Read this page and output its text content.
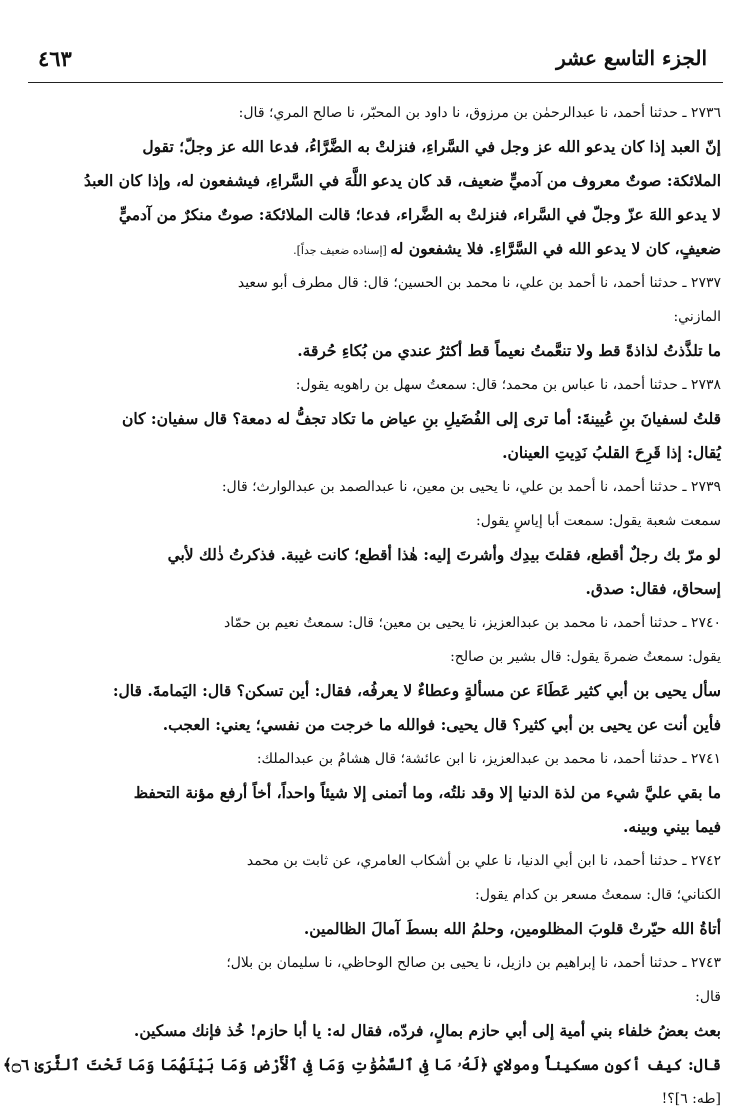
الجزء التاسع عشر
٤٦٣
٢٧٣٦ ـ حدثنا أحمد، نا عبدالرحمٰن بن مرزوق، نا داود بن المحبّر، نا صالح المري؛ قال:
إنّ العبد إذا كان يدعو الله عز وجل في السَّراءِ، فنزلتْ به الضَّرَّاءُ، فدعا الله عز وجلّ؛ تقول
الملائكة: صوتٌ معروف من آدميٍّ ضعيف، قد كان يدعو اللَّهَ في السَّراءِ، فيشفعون له، وإذا كان العبدُ
لا يدعو اللهَ عزّ وجلّ في السَّراء، فنزلتْ به الضَّراء، فدعا؛ قالت الملائكة: صوتٌ منكرٌ من آدميٍّ
ضعيفٍ، كان لا يدعو الله في السَّرَّاءِ. فلا يشفعون له [إسناده ضعيف جداً].
٢٧٣٧ ـ حدثنا أحمد، نا أحمد بن علي، نا محمد بن الحسين؛ قال: قال مطرف أبو سعيد
المازني:
ما تلذَّذتُ لذاذةً قط ولا تنعَّمتُ نعيماً قط أكثرُ عندي من بُكاءِ حُرقة.
٢٧٣٨ ـ حدثنا أحمد، نا عباس بن محمد؛ قال: سمعتُ سهل بن راهويه يقول:
قلتُ لسفيانَ بنِ عُيينةَ: أما ترى إلى الفُضَيلِ بنِ عياض ما تكاد تجفُّ له دمعة؟ قال سفيان: كان
يُقال: إذا قَرِحَ القلبُ نَدِيتِ العينان.
٢٧٣٩ ـ حدثنا أحمد، نا أحمد بن علي، نا يحيى بن معين، نا عبدالصمد بن عبدالوارث؛ قال:
سمعت شعبة يقول: سمعت أبا إياسٍ يقول:
لو مرّ بك رجلٌ أقطع، فقلتَ بيدِك وأشرتَ إليه: هٰذا أقطع؛ كانت غيبة. فذكرتُ ذٰلك لأبي
إسحاق، فقال: صدق.
٢٧٤٠ ـ حدثنا أحمد، نا محمد بن عبدالعزيز، نا يحيى بن معين؛ قال: سمعتُ نعيم بن حمّاد
يقول: سمعتُ ضمرةَ يقول: قال بشير بن صالح:
سأل يحيى بن أبي كثير عَطَاءَ عن مسألةٍ وعطاءٌ لا يعرفُه، فقال: أين تسكن؟ قال: اليَمامةَ. قال:
فأين أنت عن يحيى بن أبي كثير؟ قال يحيى: فوالله ما خرجت من نفسي؛ يعني: العجب.
٢٧٤١ ـ حدثنا أحمد، نا محمد بن عبدالعزيز، نا ابن عائشة؛ قال هشامُ بن عبدالملك:
ما بقي عليَّ شيء من لذة الدنيا إلا وقد نلتُه، وما أتمنى إلا شيئاً واحداً، أخاً أرفع مؤنة التحفظ
فيما بيني وبينه.
٢٧٤٢ ـ حدثنا أحمد، نا ابن أبي الدنيا، نا علي بن أشكاب العامري، عن ثابت بن محمد
الكناني؛ قال: سمعتُ مسعر بن كدام يقول:
أتاةُ الله حيّرتْ قلوبَ المظلومين، وحلمُ الله بسطَ آمالَ الظالمين.
٢٧٤٣ ـ حدثنا أحمد، نا إبراهيم بن دازيل، نا يحيى بن صالح الوحاظي، نا سليمان بن بلال؛
قال:
بعث بعضُ خلفاء بني أمية إلى أبي حازم بمالٍ، فردّه، فقال له: يا أبا حازم! خُذ فإنك مسكين.
قال: كيف أكون مسكيناً ومولاي ﴿لَهُۥ مَا فِى ٱلسَّمَٰوَٰتِ وَمَا فِى ٱلْأَرْضِ وَمَا بَيْنَهُمَا وَمَا تَحْتَ ٱلثَّرَىٰ ۝٦﴾
[طه: ٦]؟!
